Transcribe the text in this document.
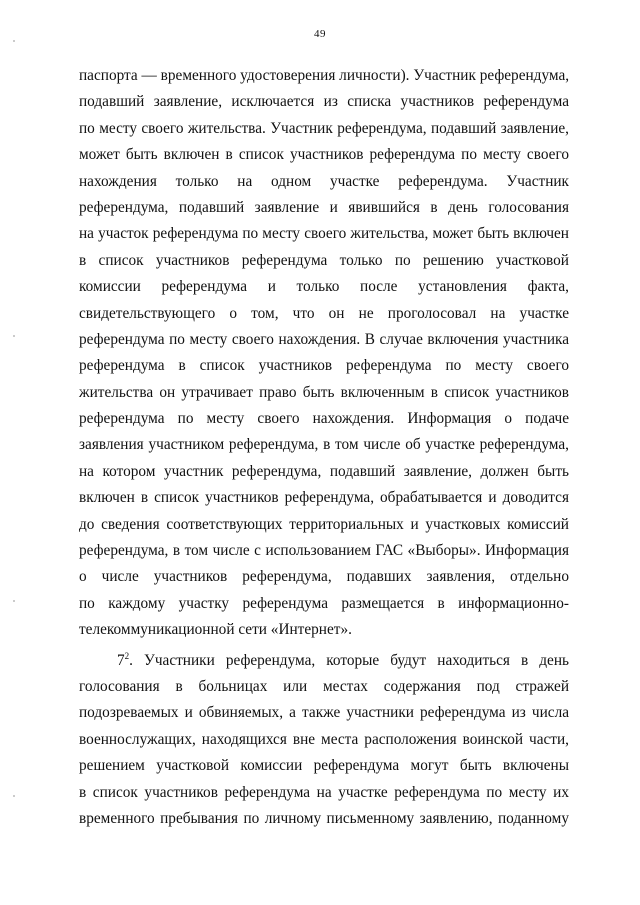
49
паспорта — временного удостоверения личности). Участник референдума,
подавший заявление, исключается из списка участников референдума
по месту своего жительства. Участник референдума, подавший заявление,
может быть включен в список участников референдума по месту своего
нахождения только на одном участке референдума. Участник
референдума, подавший заявление и явившийся в день голосования
на участок референдума по месту своего жительства, может быть включен
в список участников референдума только по решению участковой
комиссии референдума и только после установления факта,
свидетельствующего о том, что он не проголосовал на участке
референдума по месту своего нахождения. В случае включения участника
референдума в список участников референдума по месту своего
жительства он утрачивает право быть включенным в список участников
референдума по месту своего нахождения. Информация о подаче
заявления участником референдума, в том числе об участке референдума,
на котором участник референдума, подавший заявление, должен быть
включен в список участников референдума, обрабатывается и доводится
до сведения соответствующих территориальных и участковых комиссий
референдума, в том числе с использованием ГАС «Выборы». Информация
о числе участников референдума, подавших заявления, отдельно
по каждому участку референдума размещается в информационно-
телекоммуникационной сети «Интернет».
$7^2$. Участники референдума, которые будут находиться в день
голосования в больницах или местах содержания под стражей
подозреваемых и обвиняемых, а также участники референдума из числа
военнослужащих, находящихся вне места расположения воинской части,
решением участковой комиссии референдума могут быть включены
в список участников референдума на участке референдума по месту их
временного пребывания по личному письменному заявлению, поданному
